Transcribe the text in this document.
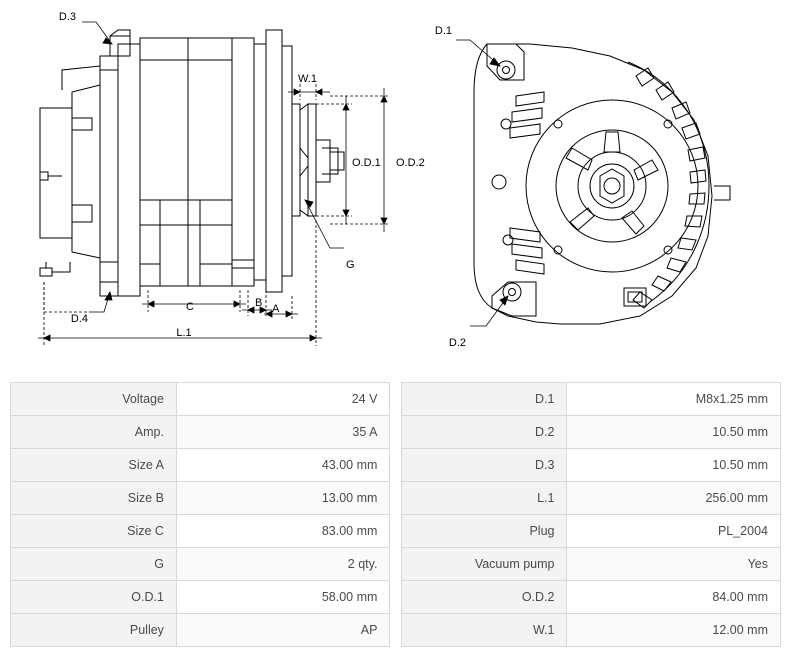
D.3
D.4
W.1
O.D.1 O.D.2
G
C	B A
L.1
D.1
D.2
Voltage	24 V		D.1	M8x1.25 mm
Amp.	35 A		D.2	10.50 mm
Size A	43.00 mm		D.3	10.50 mm
Size B	13.00 mm		L.1	256.00 mm
Size C	83.00 mm		Plug	PL_2004
G	2 qty.		Vacuum pump	Yes
O.D.1	58.00 mm		O.D.2	84.00 mm
Pulley	AP		W.1	12.00 mm
